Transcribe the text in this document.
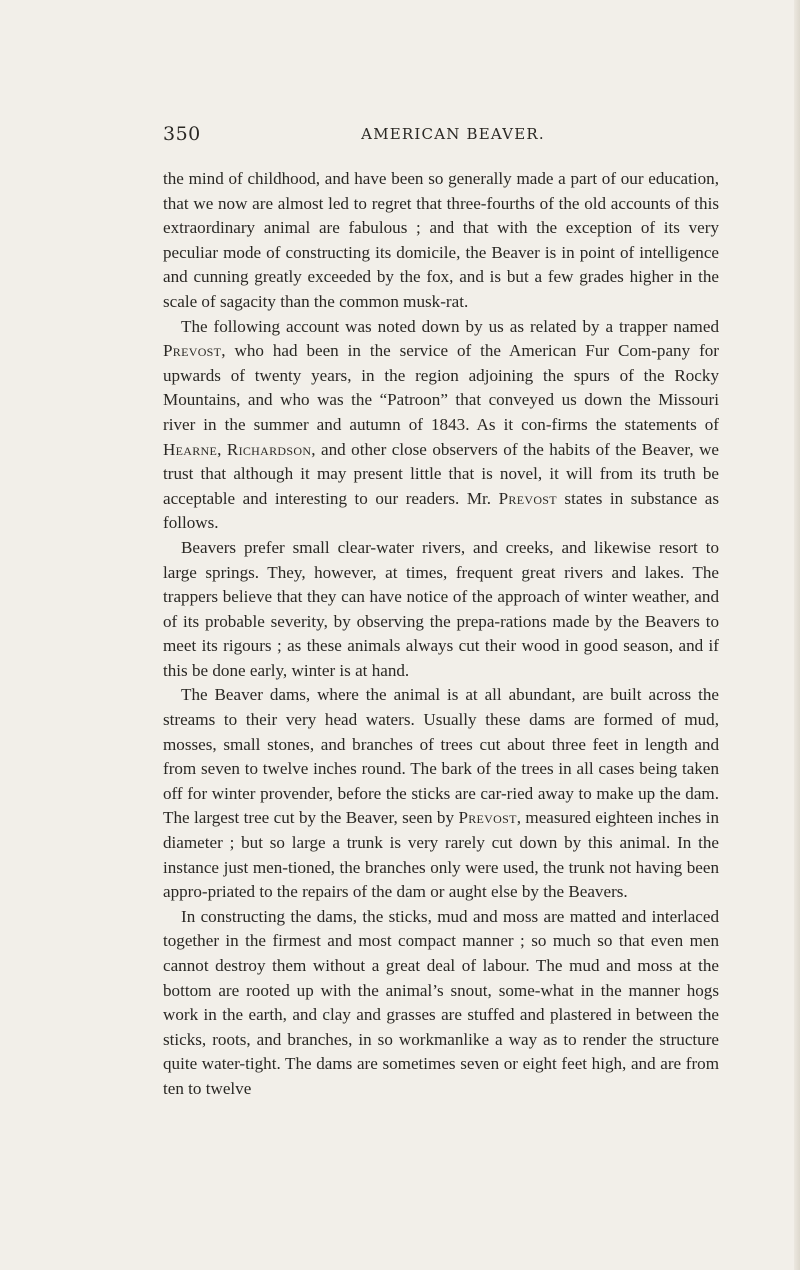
350	AMERICAN BEAVER.

the mind of childhood, and have been so generally made a part of our education, that we now are almost led to regret that three-fourths of the old accounts of this extraordinary animal are fabulous ; and that with the exception of its very peculiar mode of constructing its domicile, the Beaver is in point of intelligence and cunning greatly exceeded by the fox, and is but a few grades higher in the scale of sagacity than the common musk-rat.

The following account was noted down by us as related by a trapper named Prevost, who had been in the service of the American Fur Com-pany for upwards of twenty years, in the region adjoining the spurs of the Rocky Mountains, and who was the “Patroon” that conveyed us down the Missouri river in the summer and autumn of 1843. As it con-firms the statements of Hearne, Richardson, and other close observers of the habits of the Beaver, we trust that although it may present little that is novel, it will from its truth be acceptable and interesting to our readers. Mr. Prevost states in substance as follows.

Beavers prefer small clear-water rivers, and creeks, and likewise resort to large springs. They, however, at times, frequent great rivers and lakes. The trappers believe that they can have notice of the approach of winter weather, and of its probable severity, by observing the prepa-rations made by the Beavers to meet its rigours ; as these animals always cut their wood in good season, and if this be done early, winter is at hand.

The Beaver dams, where the animal is at all abundant, are built across the streams to their very head waters. Usually these dams are formed of mud, mosses, small stones, and branches of trees cut about three feet in length and from seven to twelve inches round. The bark of the trees in all cases being taken off for winter provender, before the sticks are car-ried away to make up the dam. The largest tree cut by the Beaver, seen by Prevost, measured eighteen inches in diameter ; but so large a trunk is very rarely cut down by this animal. In the instance just men-tioned, the branches only were used, the trunk not having been appro-priated to the repairs of the dam or aught else by the Beavers.

In constructing the dams, the sticks, mud and moss are matted and interlaced together in the firmest and most compact manner ; so much so that even men cannot destroy them without a great deal of labour. The mud and moss at the bottom are rooted up with the animal’s snout, some-what in the manner hogs work in the earth, and clay and grasses are stuffed and plastered in between the sticks, roots, and branches, in so workmanlike a way as to render the structure quite water-tight. The dams are sometimes seven or eight feet high, and are from ten to twelve
